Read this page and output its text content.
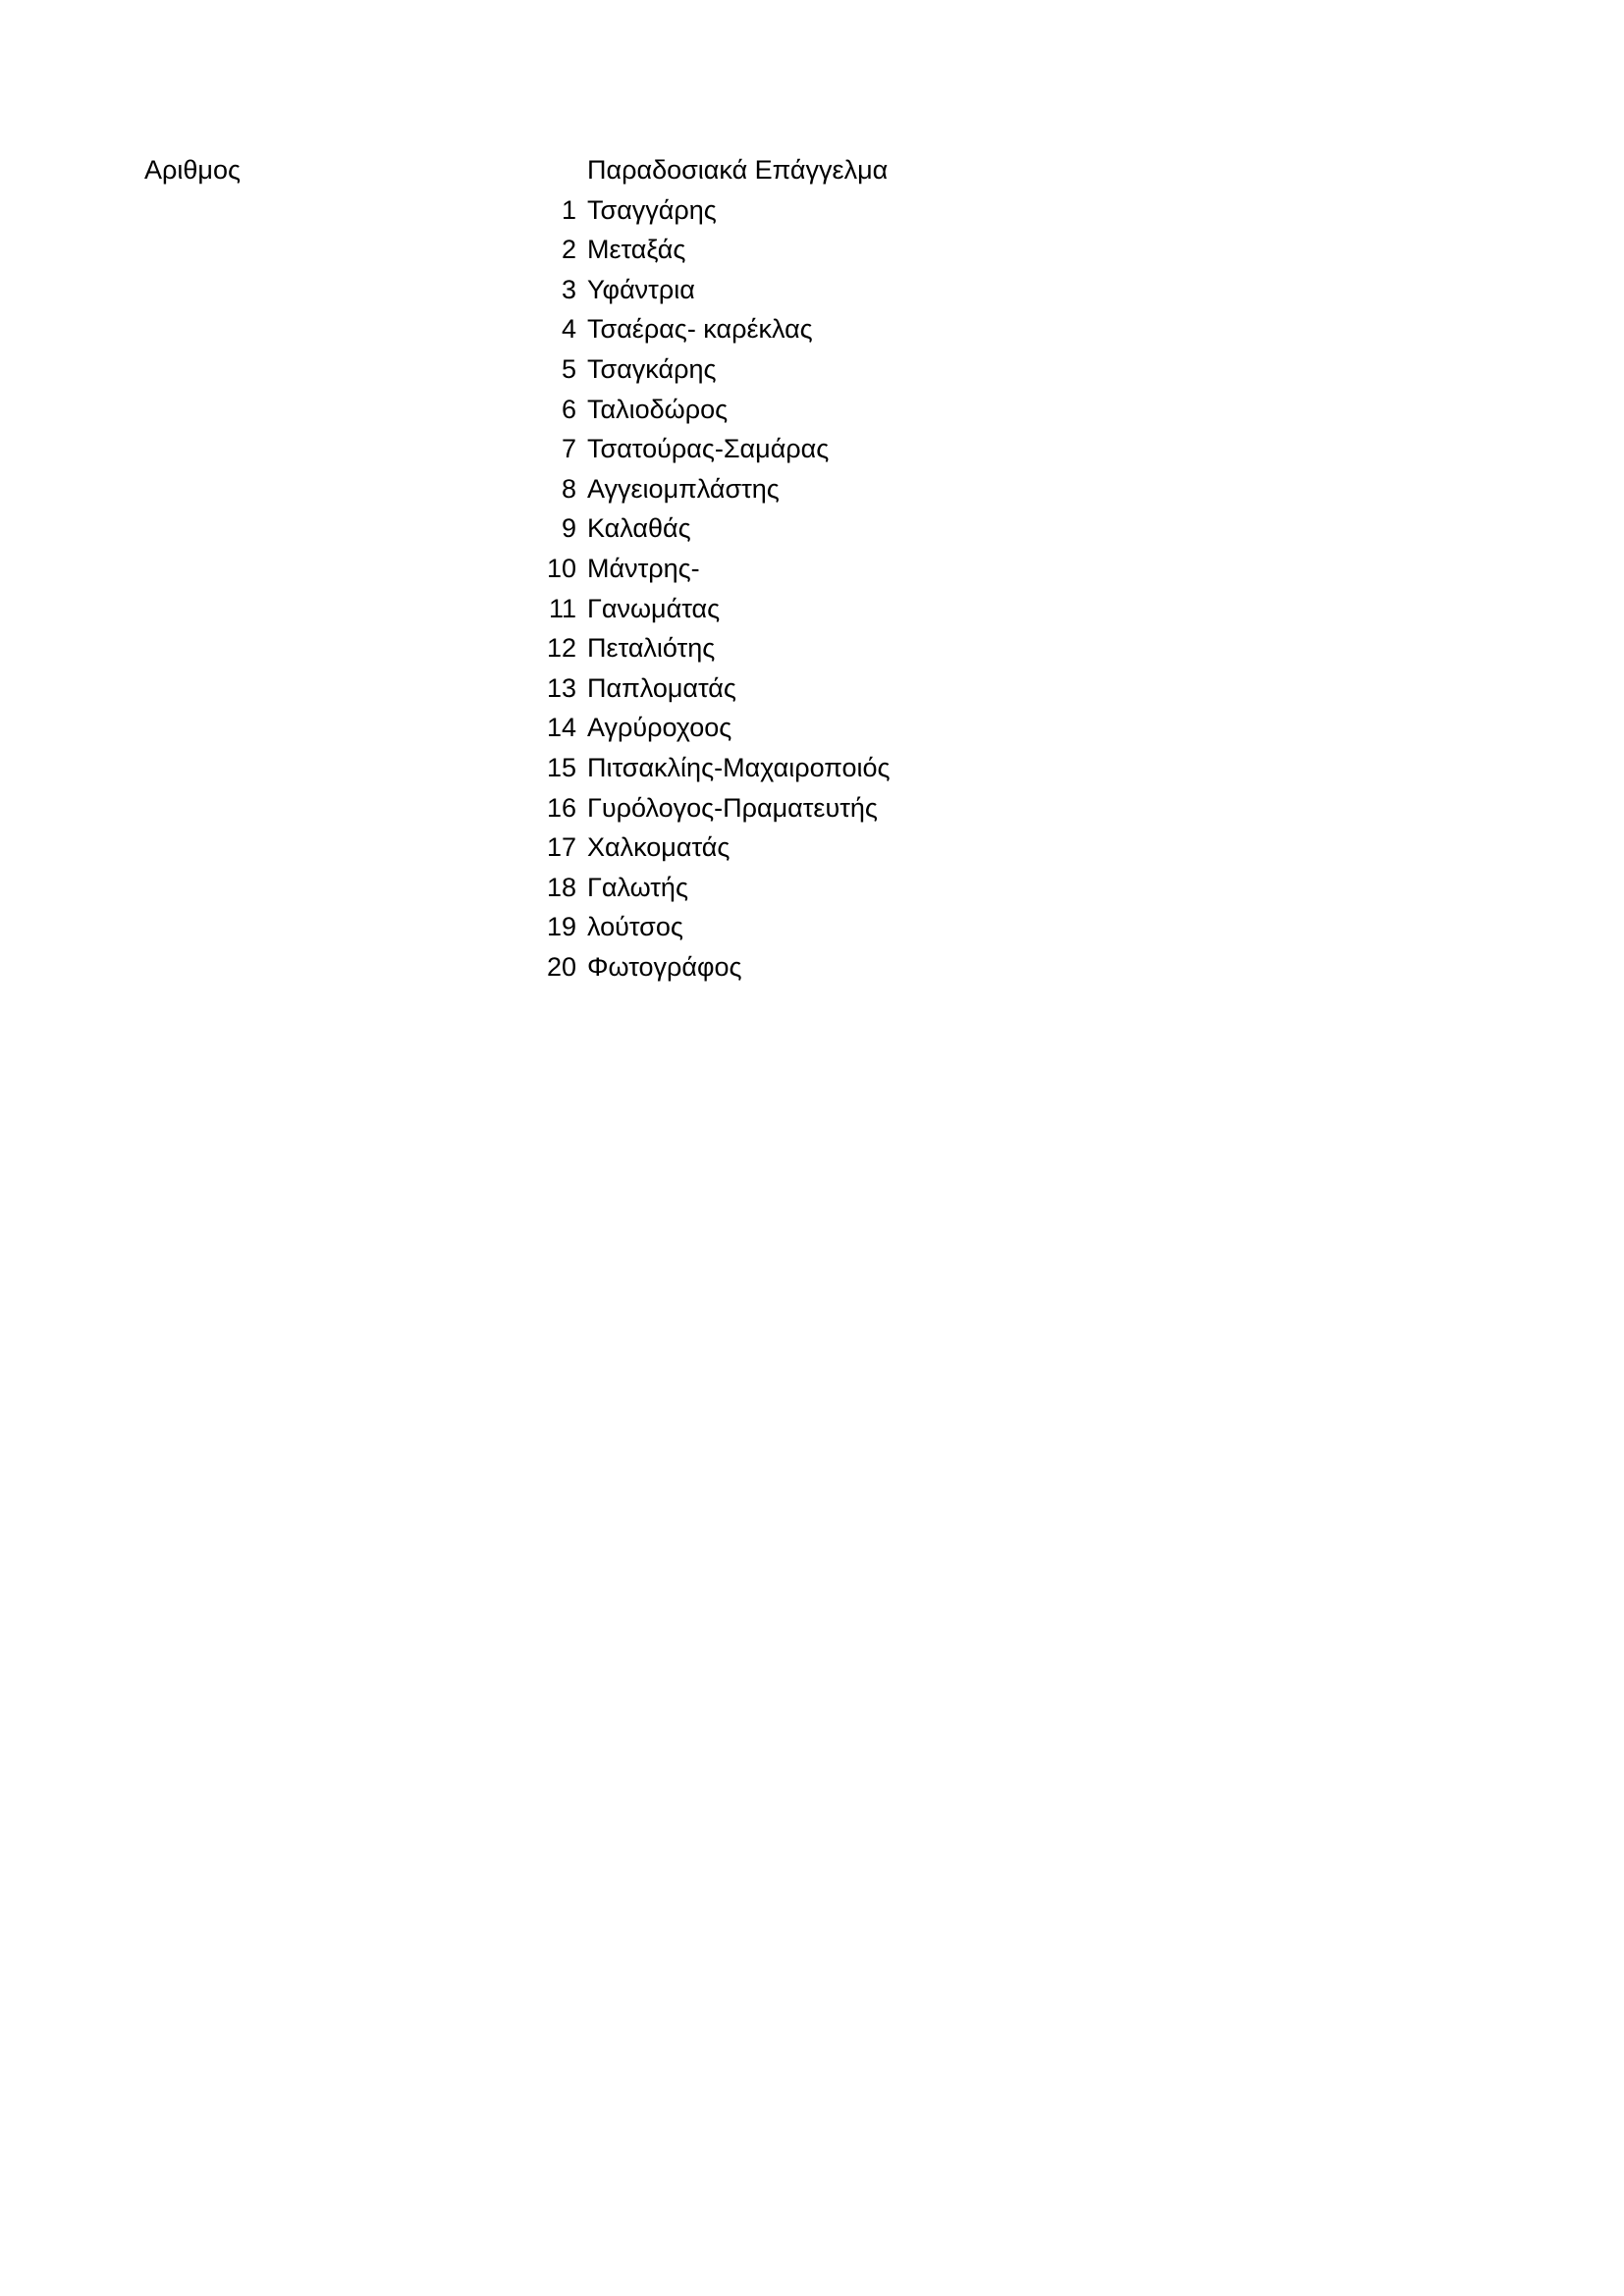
Αριθμος	Παραδοσιακά Επάγγελμα
1 Τσαγγάρης
2 Μεταξάς
3 Υφάντρια
4 Τσαέρας- καρέκλας
5 Τσαγκάρης
6 Ταλιοδώρος
7 Τσατούρας-Σαμάρας
8 Αγγειομπλάστης
9 Καλαθάς
10 Μάντρης-
11 Γανωμάτας
12 Πεταλιότης
13 Παπλοματάς
14 Αγρύροχοος
15 Πιτσακλίης-Μαχαιροποιός
16 Γυρόλογος-Πραματευτής
17 Χαλκοματάς
18 Γαλωτής
19 λούτσος
20 Φωτογράφος
